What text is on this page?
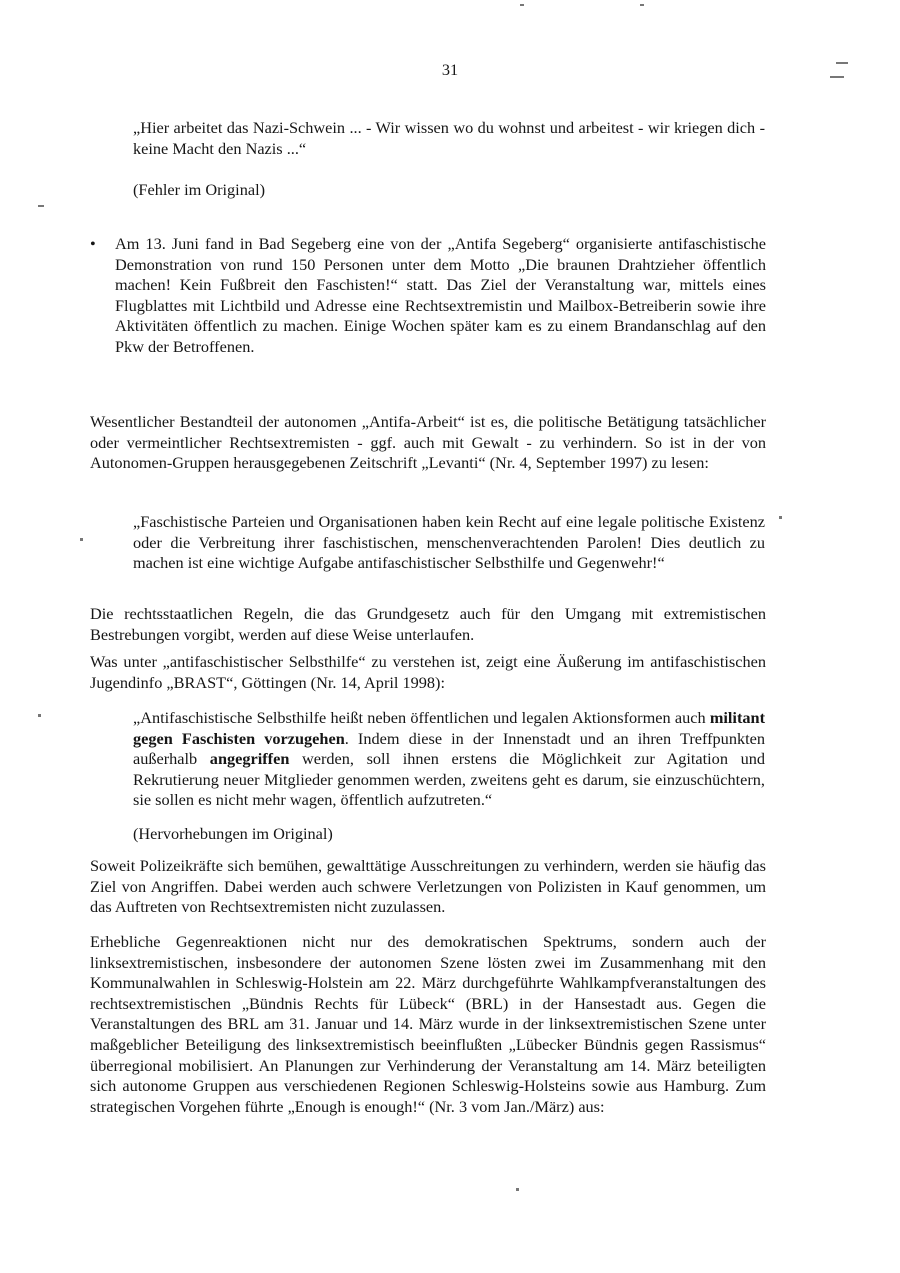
31
„Hier arbeitet das Nazi-Schwein ... - Wir wissen wo du wohnst und arbeitest - wir kriegen dich - keine Macht den Nazis ...“
(Fehler im Original)
•	Am 13. Juni fand in Bad Segeberg eine von der „Antifa Segeberg“ organisierte antifaschistische Demonstration von rund 150 Personen unter dem Motto „Die braunen Drahtzieher öffentlich machen! Kein Fußbreit den Faschisten!“ statt. Das Ziel der Veranstaltung war, mittels eines Flugblattes mit Lichtbild und Adresse eine Rechtsextremistin und Mailbox-Betreiberin sowie ihre Aktivitäten öffentlich zu machen. Einige Wochen später kam es zu einem Brandanschlag auf den Pkw der Betroffenen.
Wesentlicher Bestandteil der autonomen „Antifa-Arbeit“ ist es, die politische Betätigung tatsächlicher oder vermeintlicher Rechtsextremisten - ggf. auch mit Gewalt - zu verhindern. So ist in der von Autonomen-Gruppen herausgegebenen Zeitschrift „Levanti“ (Nr. 4, September 1997) zu lesen:
„Faschistische Parteien und Organisationen haben kein Recht auf eine legale politische Existenz oder die Verbreitung ihrer faschistischen, menschenverachtenden Parolen! Dies deutlich zu machen ist eine wichtige Aufgabe antifaschistischer Selbsthilfe und Gegenwehr!“
Die rechtsstaatlichen Regeln, die das Grundgesetz auch für den Umgang mit extremistischen Bestrebungen vorgibt, werden auf diese Weise unterlaufen.
Was unter „antifaschistischer Selbsthilfe“ zu verstehen ist, zeigt eine Äußerung im antifaschistischen Jugendinfo „BRAST“, Göttingen (Nr. 14, April 1998):
„Antifaschistische Selbsthilfe heißt neben öffentlichen und legalen Aktionsformen auch militant gegen Faschisten vorzugehen. Indem diese in der Innenstadt und an ihren Treffpunkten außerhalb angegriffen werden, soll ihnen erstens die Möglichkeit zur Agitation und Rekrutierung neuer Mitglieder genommen werden, zweitens geht es darum, sie einzuschüchtern, sie sollen es nicht mehr wagen, öffentlich aufzutreten.“
(Hervorhebungen im Original)
Soweit Polizeikräfte sich bemühen, gewalttätige Ausschreitungen zu verhindern, werden sie häufig das Ziel von Angriffen. Dabei werden auch schwere Verletzungen von Polizisten in Kauf genommen, um das Auftreten von Rechtsextremisten nicht zuzulassen.
Erhebliche Gegenreaktionen nicht nur des demokratischen Spektrums, sondern auch der linksextremistischen, insbesondere der autonomen Szene lösten zwei im Zusammenhang mit den Kommunalwahlen in Schleswig-Holstein am 22. März durchgeführte Wahlkampfveranstaltungen des rechtsextremistischen „Bündnis Rechts für Lübeck“ (BRL) in der Hansestadt aus. Gegen die Veranstaltungen des BRL am 31. Januar und 14. März wurde in der linksextremistischen Szene unter maßgeblicher Beteiligung des linksextremistisch beeinflußten „Lübecker Bündnis gegen Rassismus“ überregional mobilisiert. An Planungen zur Verhinderung der Veranstaltung am 14. März beteiligten sich autonome Gruppen aus verschiedenen Regionen Schleswig-Holsteins sowie aus Hamburg. Zum strategischen Vorgehen führte „Enough is enough!“ (Nr. 3 vom Jan./März) aus:
